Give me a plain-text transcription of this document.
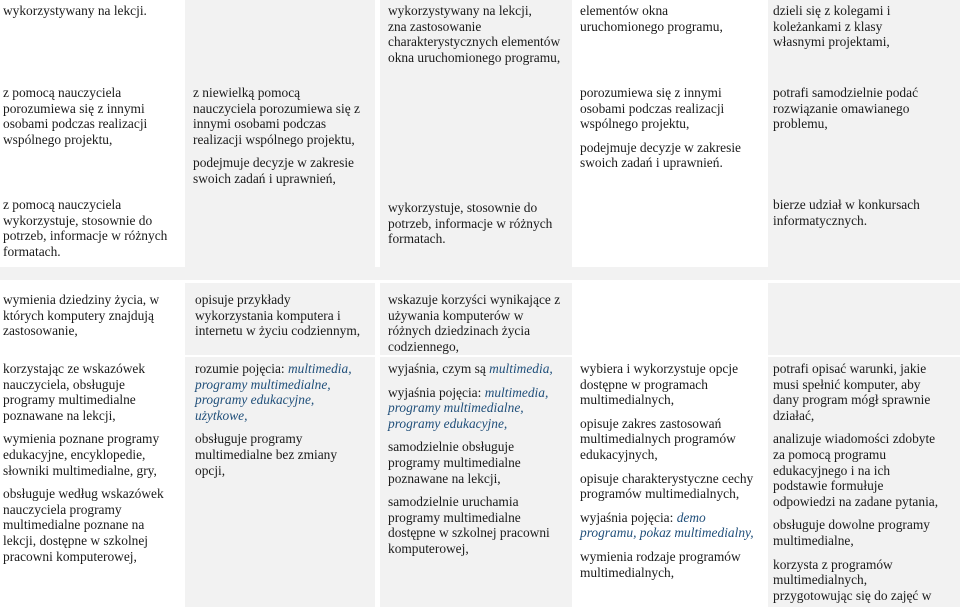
wykorzystywany na lekcji.	wykorzystywany na lekcji,

zna zastosowanie charakterystycznych elementów okna uruchomionego programu,

elementów okna uruchomionego programu,

dzieli się z kolegami i koleżankami z klasy własnymi projektami,

z pomocą nauczyciela porozumiewa się z innymi osobami podczas realizacji wspólnego projektu,

z niewielką pomocą nauczyciela porozumiewa się z innymi osobami podczas realizacji wspólnego projektu,

podejmuje decyzje w zakresie swoich zadań i uprawnień,

porozumiewa się z innymi osobami podczas realizacji wspólnego projektu,

podejmuje decyzje w zakresie swoich zadań i uprawnień.

potrafi samodzielnie podać rozwiązanie omawianego problemu,

z pomocą nauczyciela wykorzystuje, stosownie do potrzeb, informacje w różnych formatach.

wykorzystuje, stosownie do potrzeb, informacje w różnych formatach.

bierze udział w konkursach informatycznych.

wymienia dziedziny życia, w których komputery znajdują zastosowanie,

opisuje przykłady wykorzystania komputera i internetu w życiu codziennym,

wskazuje korzyści wynikające z używania komputerów w różnych dziedzinach życia codziennego,

korzystając ze wskazówek nauczyciela, obsługuje programy multimedialne poznawane na lekcji,

wymienia poznane programy edukacyjne, encyklopedie, słowniki multimedialne, gry,

obsługuje według wskazówek nauczyciela programy multimedialne poznane na lekcji, dostępne w szkolnej pracowni komputerowej,

rozumie pojęcia: multimedia, programy multimedialne, programy edukacyjne, użytkowe,

obsługuje programy multimedialne bez zmiany opcji,

wyjaśnia, czym są multimedia,

wyjaśnia pojęcia: multimedia, programy multimedialne, programy edukacyjne,

samodzielnie obsługuje programy multimedialne poznawane na lekcji,

samodzielnie uruchamia programy multimedialne dostępne w szkolnej pracowni komputerowej,

wybiera i wykorzystuje opcje dostępne w programach multimedialnych,

opisuje zakres zastosowań multimedialnych programów edukacyjnych,

opisuje charakterystyczne cechy programów multimedialnych,

wyjaśnia pojęcia: demo programu, pokaz multimedialny,

wymienia rodzaje programów multimedialnych,

potrafi opisać warunki, jakie musi spełnić komputer, aby dany program mógł sprawnie działać,

analizuje wiadomości zdobyte za pomocą programu edukacyjnego i na ich podstawie formułuje odpowiedzi na zadane pytania,

obsługuje dowolne programy multimedialne,

korzysta z programów multimedialnych, przygotowując się do zajęć w
